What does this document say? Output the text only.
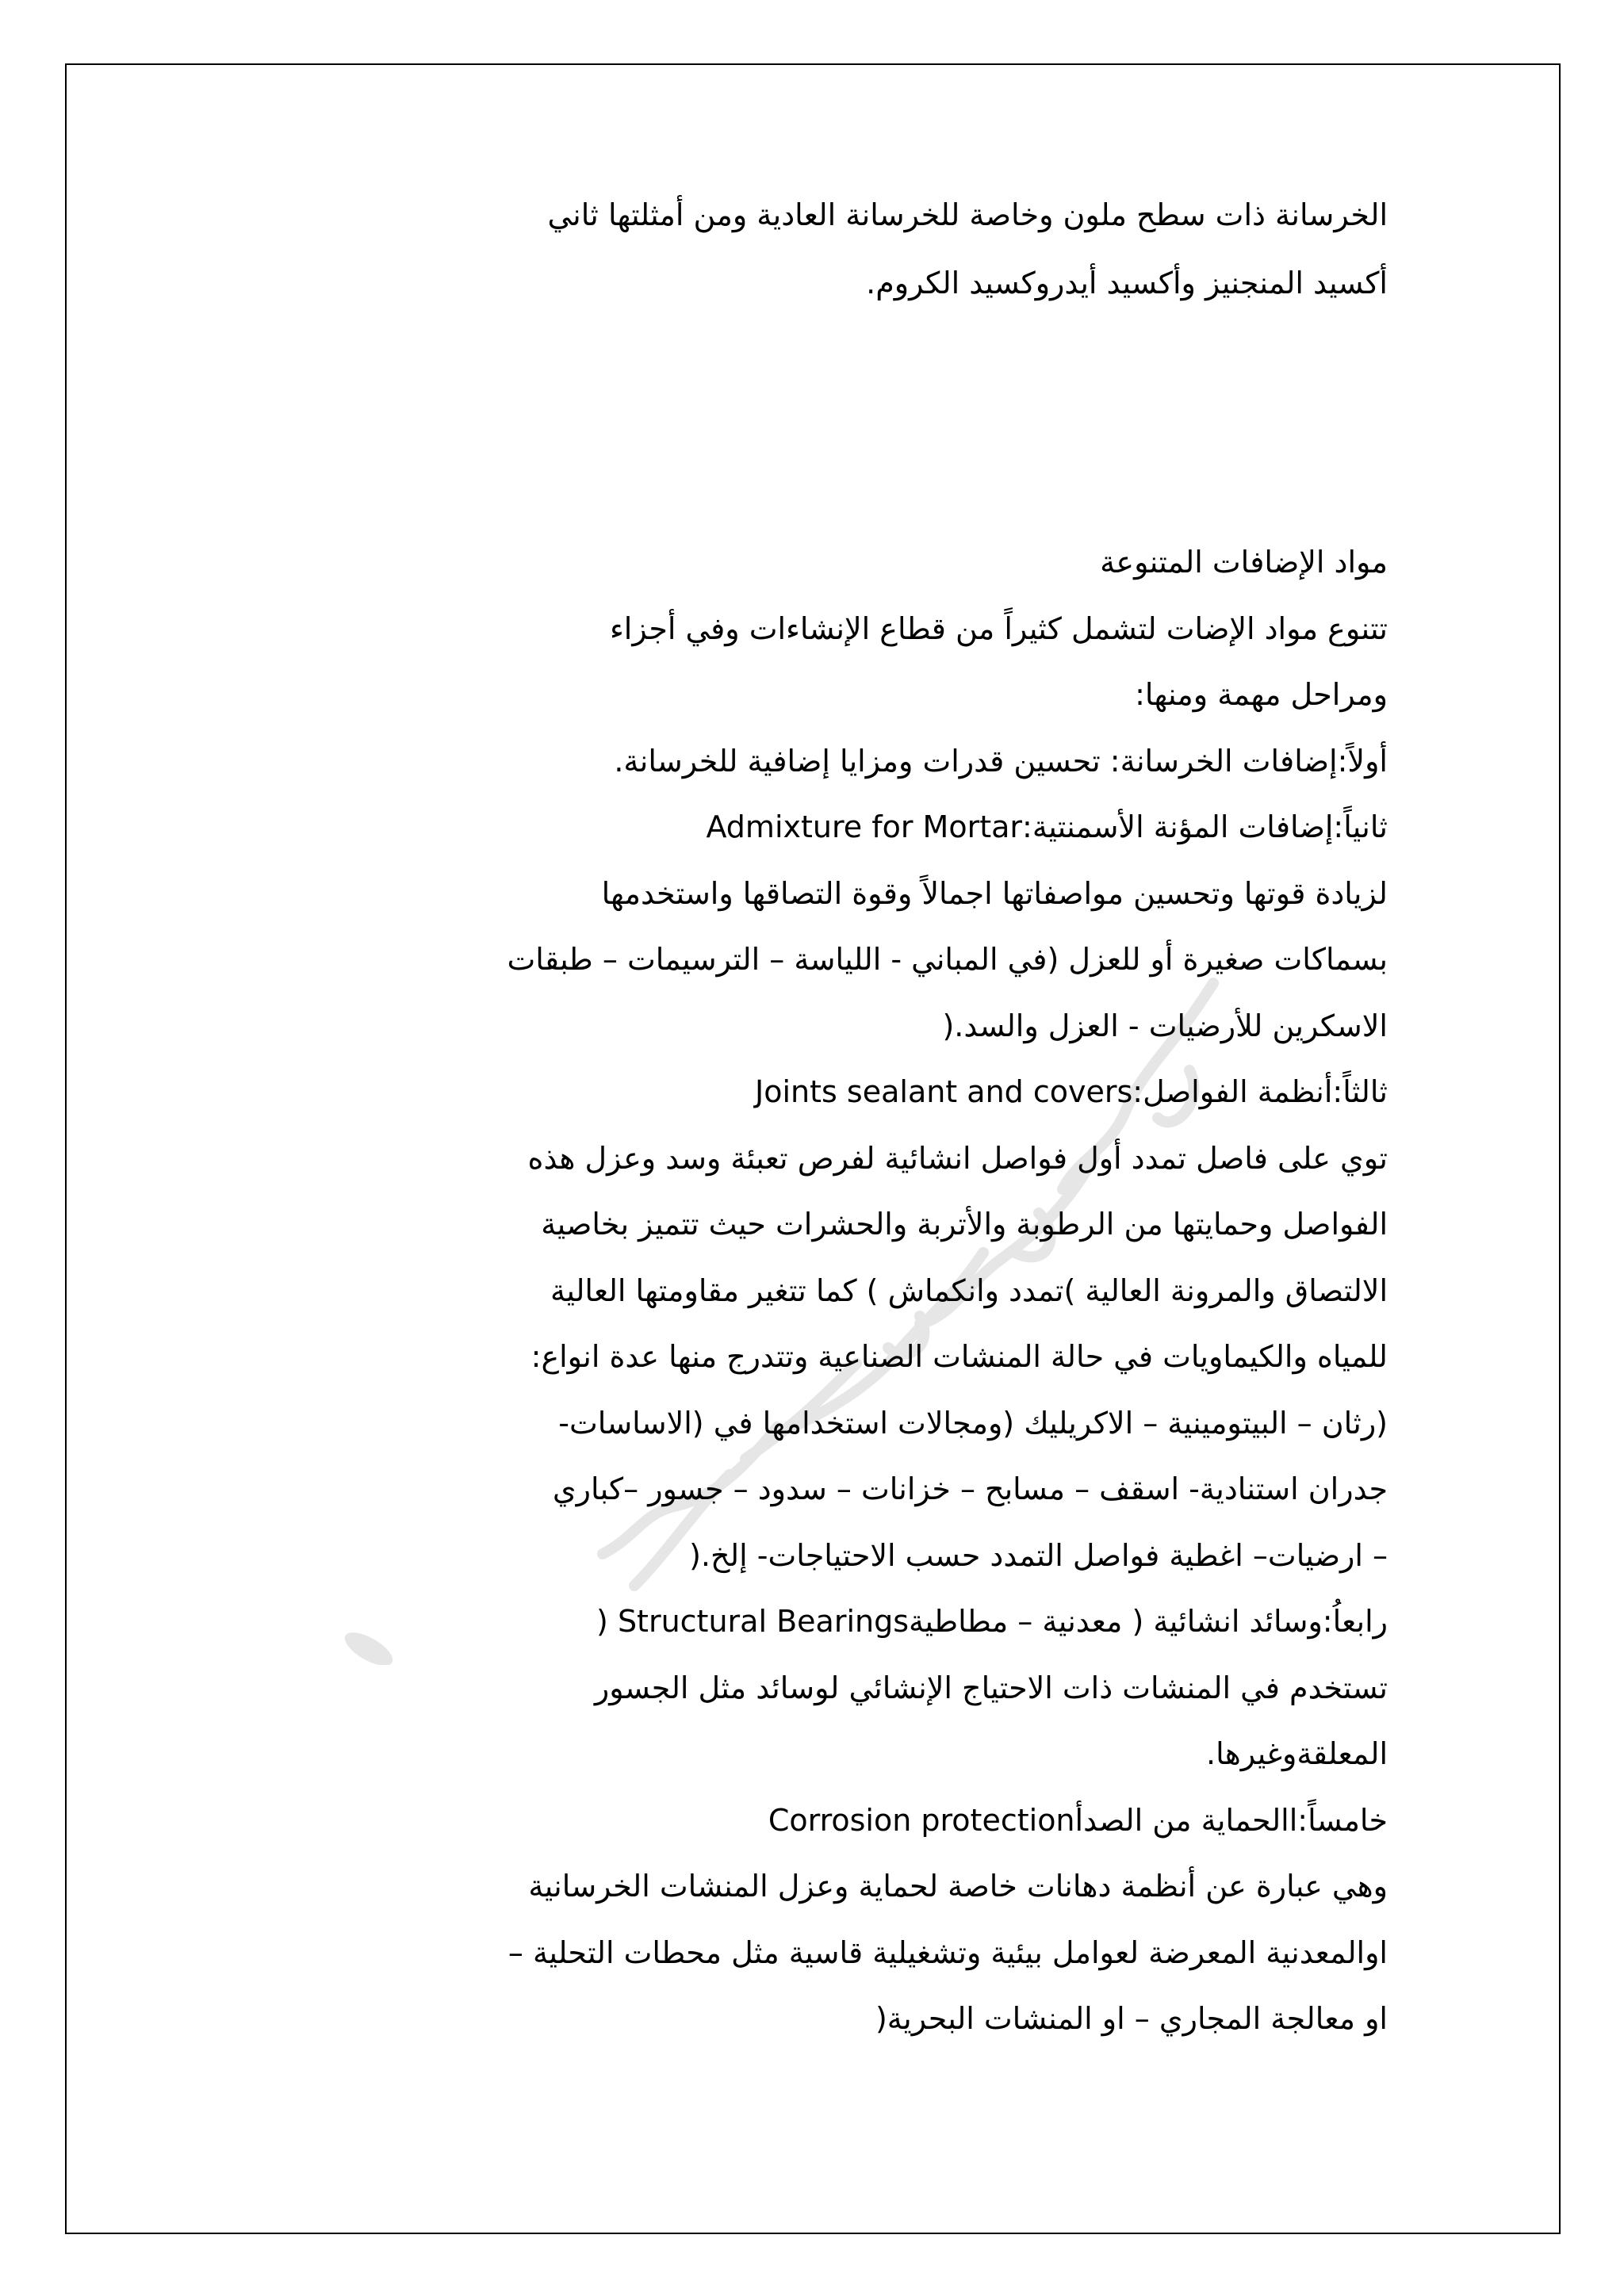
الخرسانة ذات سطح ملون وخاصة للخرسانة العادية ومن أمثلتها ثاني

أكسيد المنجنيز وأكسيد أيدروكسيد الكروم.

مواد الإضافات المتنوعة

تتنوع مواد الإضات لتشمل كثيراً من قطاع الإنشاءات وفي أجزاء

ومراحل مهمة ومنها:

أولاً:إضافات الخرسانة: تحسين قدرات ومزايا إضافية للخرسانة.

ثانياً:إضافات المؤنة الأسمنتية:Admixture for Mortar

لزيادة قوتها وتحسين مواصفاتها اجمالاً وقوة التصاقها واستخدمها

بسماكات صغيرة أو للعزل (في المباني - اللياسة – الترسيمات – طبقات

الاسكرين للأرضيات - العزل والسد.(

ثالثاً:أنظمة الفواصل:Joints sealant and covers

توي على فاصل تمدد أول فواصل انشائية لفرص تعبئة وسد وعزل هذه

الفواصل وحمايتها من الرطوبة والأتربة والحشرات حيث تتميز بخاصية

الالتصاق والمرونة العالية )تمدد وانكماش ) كما تتغير مقاومتها العالية

للمياه والكيماويات في حالة المنشات الصناعية وتتدرج منها عدة انواع:

(رثان – البيتومينية – الاكريليك (ومجالات استخدامها في (الاساسات-

جدران استنادية- اسقف – مسابح – خزانات – سدود – جسور –كباري

– ارضيات– اغطية فواصل التمدد حسب الاحتياجات- إلخ.(

رابعاُ:وسائد انشائية ( معدنية – مطاطيةStructural Bearings (

تستخدم في المنشات ذات الاحتياج الإنشائي لوسائد مثل الجسور

المعلقةوغيرها.

خامساً:االحماية من الصدأCorrosion protection

وهي عبارة عن أنظمة دهانات خاصة لحماية وعزل المنشات الخرسانية

اوالمعدنية المعرضة لعوامل بيئية وتشغيلية قاسية مثل محطات التحلية –

او معالجة المجاري – او المنشات البحرية(
